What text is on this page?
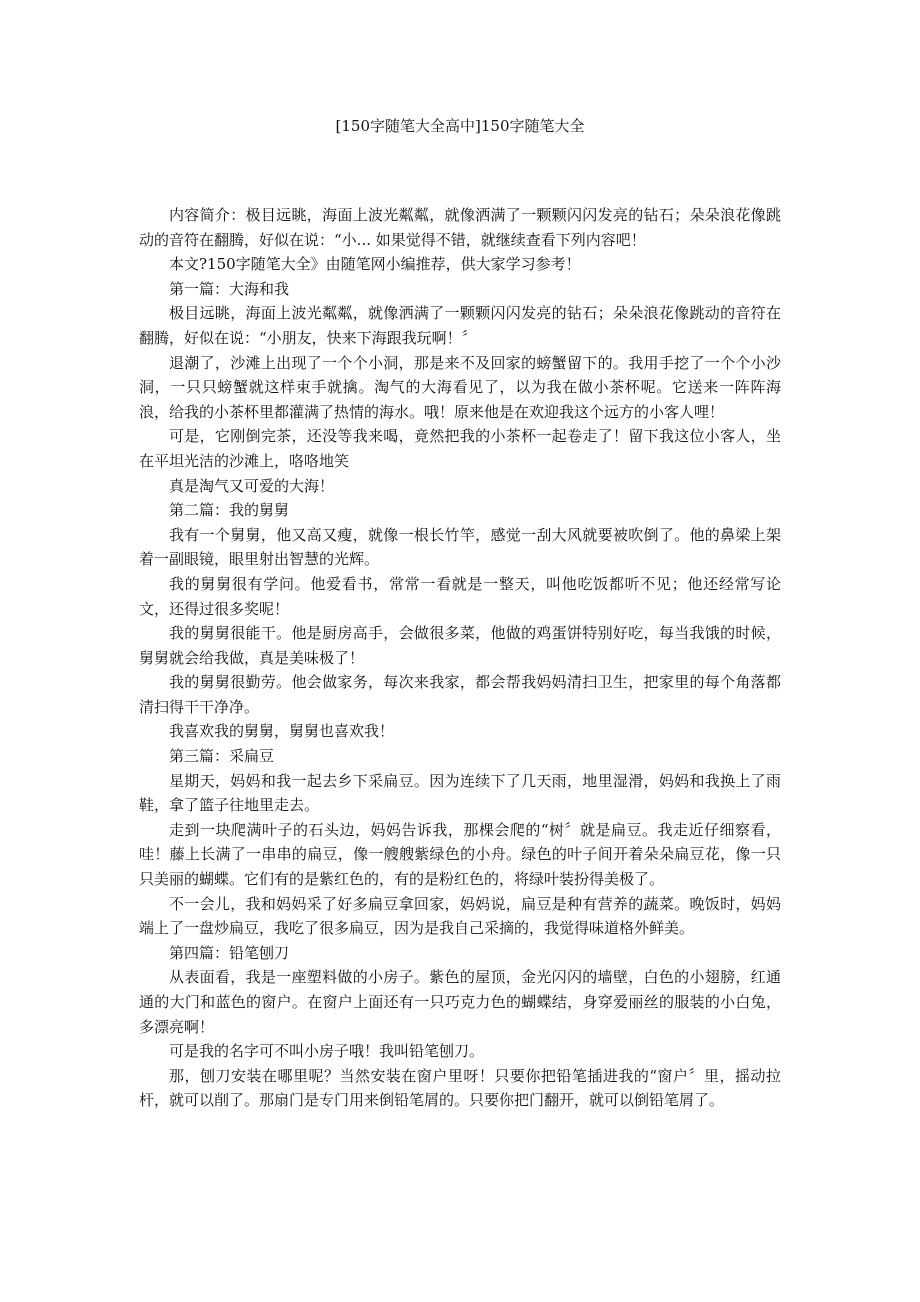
[150字随笔大全高中]150字随笔大全

内容简介：极目远眺，海面上波光粼粼，就像洒满了一颗颗闪闪发亮的钻石；朵朵浪花像跳动的音符在翻腾，好似在说：“小... 如果觉得不错，就继续查看下列内容吧！

本文?150字随笔大全》由随笔网小编推荐，供大家学习参考！

第一篇：大海和我

极目远眺，海面上波光粼粼，就像洒满了一颗颗闪闪发亮的钻石；朵朵浪花像跳动的音符在翻腾，好似在说：“小朋友，快来下海跟我玩啊！〞

退潮了，沙滩上出现了一个个小洞，那是来不及回家的螃蟹留下的。我用手挖了一个个小沙洞，一只只螃蟹就这样束手就擒。淘气的大海看见了，以为我在做小茶杯呢。它送来一阵阵海浪，给我的小茶杯里都灌满了热情的海水。哦！原来他是在欢迎我这个远方的小客人哩！

可是，它刚倒完茶，还没等我来喝，竟然把我的小茶杯一起卷走了！留下我这位小客人，坐在平坦光洁的沙滩上，咯咯地笑

真是淘气又可爱的大海！

第二篇：我的舅舅

我有一个舅舅，他又高又瘦，就像一根长竹竿，感觉一刮大风就要被吹倒了。他的鼻梁上架着一副眼镜，眼里射出智慧的光辉。

我的舅舅很有学问。他爱看书，常常一看就是一整天，叫他吃饭都听不见；他还经常写论文，还得过很多奖呢！

我的舅舅很能干。他是厨房高手，会做很多菜，他做的鸡蛋饼特别好吃，每当我饿的时候，舅舅就会给我做，真是美味极了！

我的舅舅很勤劳。他会做家务，每次来我家，都会帮我妈妈清扫卫生，把家里的每个角落都清扫得干干净净。

我喜欢我的舅舅，舅舅也喜欢我！

第三篇：采扁豆

星期天，妈妈和我一起去乡下采扁豆。因为连续下了几天雨，地里湿滑，妈妈和我换上了雨鞋，拿了篮子往地里走去。

走到一块爬满叶子的石头边，妈妈告诉我，那棵会爬的“树〞就是扁豆。我走近仔细察看，哇！藤上长满了一串串的扁豆，像一艘艘紫绿色的小舟。绿色的叶子间开着朵朵扁豆花，像一只只美丽的蝴蝶。它们有的是紫红色的，有的是粉红色的，将绿叶装扮得美极了。

不一会儿，我和妈妈采了好多扁豆拿回家，妈妈说，扁豆是种有营养的蔬菜。晚饭时，妈妈端上了一盘炒扁豆，我吃了很多扁豆，因为是我自己采摘的，我觉得味道格外鲜美。

第四篇：铅笔刨刀

从表面看，我是一座塑料做的小房子。紫色的屋顶，金光闪闪的墙壁，白色的小翅膀，红通通的大门和蓝色的窗户。在窗户上面还有一只巧克力色的蝴蝶结，身穿爱丽丝的服装的小白兔，多漂亮啊！

可是我的名字可不叫小房子哦！我叫铅笔刨刀。

那，刨刀安装在哪里呢？当然安装在窗户里呀！只要你把铅笔插进我的“窗户〞里，摇动拉杆，就可以削了。那扇门是专门用来倒铅笔屑的。只要你把门翻开，就可以倒铅笔屑了。
